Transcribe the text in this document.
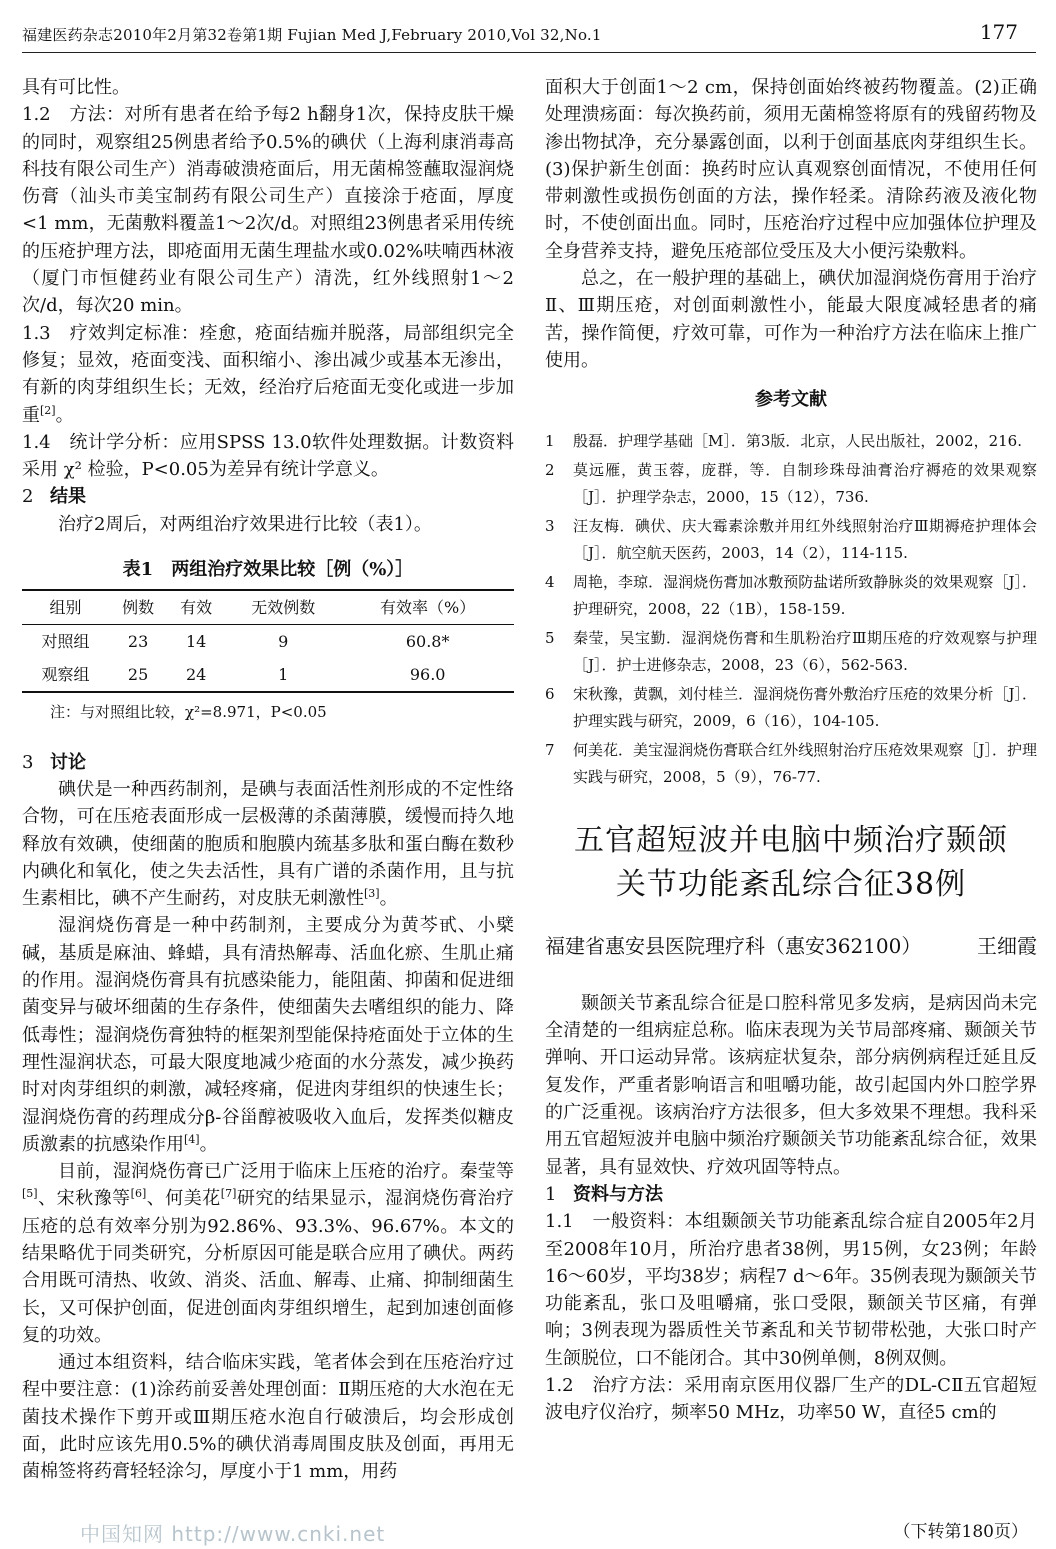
福建医药杂志2010年2月第32卷第1期 Fujian Med J,February 2010,Vol 32,No.1	177

具有可比性。

1.2　 方法：对所有患者在给予每2 h翻身1次，保持皮肤干燥的同时，观察组25例患者给予0.5%的碘伏（上海利康消毒高科技有限公司生产）消毒破溃疮面后，用无菌棉签蘸取湿润烧伤膏（汕头市美宝制药有限公司生产）直接涂于疮面，厚度<1 mm，无菌敷料覆盖1～2次/d。对照组23例患者采用传统的压疮护理方法，即疮面用无菌生理盐水或0.02%呋喃西林液（厦门市恒健药业有限公司生产）清洗，红外线照射1～2次/d，每次20 min。

1.3　 疗效判定标准：痊愈，疮面结痂并脱落，局部组织完全修复；显效，疮面变浅、面积缩小、渗出减少或基本无渗出，有新的肉芽组织生长；无效，经治疗后疮面无变化或进一步加重[2]。

1.4　 统计学分析：应用SPSS 13.0软件处理数据。计数资料采用 χ² 检验，P<0.05为差异有统计学意义。

2 结果

治疗2周后，对两组治疗效果进行比较（表1）。

表1　两组治疗效果比较［例（%）］
组别	例数	有效	无效例数	有效率（%）
对照组	23	14	9	60.8*
观察组	25	24	1	96.0
注：与对照组比较，χ²=8.971，P<0.05

3 讨论

碘伏是一种西药制剂，是碘与表面活性剂形成的不定性络合物，可在压疮表面形成一层极薄的杀菌薄膜，缓慢而持久地释放有效碘，使细菌的胞质和胞膜内巯基多肽和蛋白酶在数秒内碘化和氧化，使之失去活性，具有广谱的杀菌作用，且与抗生素相比，碘不产生耐药，对皮肤无刺激性[3]。

湿润烧伤膏是一种中药制剂，主要成分为黄芩甙、小檗碱，基质是麻油、蜂蜡，具有清热解毒、活血化瘀、生肌止痛的作用。湿润烧伤膏具有抗感染能力，能阻菌、抑菌和促进细菌变异与破坏细菌的生存条件，使细菌失去嗜组织的能力、降低毒性；湿润烧伤膏独特的框架剂型能保持疮面处于立体的生理性湿润状态，可最大限度地减少疮面的水分蒸发，减少换药时对肉芽组织的刺激，减轻疼痛，促进肉芽组织的快速生长；湿润烧伤膏的药理成分β-谷甾醇被吸收入血后，发挥类似糖皮质激素的抗感染作用[4]。

目前，湿润烧伤膏已广泛用于临床上压疮的治疗。秦莹等[5]、宋秋豫等[6]、何美花[7]研究的结果显示，湿润烧伤膏治疗压疮的总有效率分别为92.86%、93.3%、96.67%。本文的结果略优于同类研究，分析原因可能是联合应用了碘伏。两药合用既可清热、收敛、消炎、活血、解毒、止痛、抑制细菌生长，又可保护创面，促进创面肉芽组织增生，起到加速创面修复的功效。

通过本组资料，结合临床实践，笔者体会到在压疮治疗过程中要注意：(1)涂药前妥善处理创面：Ⅱ期压疮的大水泡在无菌技术操作下剪开或Ⅲ期压疮水泡自行破溃后，均会形成创面，此时应该先用0.5%的碘伏消毒周围皮肤及创面，再用无菌棉签将药膏轻轻涂匀，厚度小于1 mm，用药

面积大于创面1～2 cm，保持创面始终被药物覆盖。(2)正确处理溃疡面：每次换药前，须用无菌棉签将原有的残留药物及渗出物拭净，充分暴露创面，以利于创面基底肉芽组织生长。(3)保护新生创面：换药时应认真观察创面情况，不使用任何带刺激性或损伤创面的方法，操作轻柔。清除药液及液化物时，不使创面出血。同时，压疮治疗过程中应加强体位护理及全身营养支持，避免压疮部位受压及大小便污染敷料。

总之，在一般护理的基础上，碘伏加湿润烧伤膏用于治疗Ⅱ、Ⅲ期压疮，对创面刺激性小，能最大限度减轻患者的痛苦，操作简便，疗效可靠，可作为一种治疗方法在临床上推广使用。

参考文献
1 殷磊．护理学基础［M］．第3版．北京，人民出版社，2002，216.
2 莫远雁，黄玉蓉，庞群，等．自制珍珠母油膏治疗褥疮的效果观察［J］．护理学杂志，2000，15（12），736.
3 汪友梅．碘伏、庆大霉素涂敷并用红外线照射治疗Ⅲ期褥疮护理体会［J］．航空航天医药，2003，14（2），114-115.
4 周艳，李琼．湿润烧伤膏加冰敷预防盐诺所致静脉炎的效果观察［J］．护理研究，2008，22（1B），158-159.
5 秦莹，吴宝勤．湿润烧伤膏和生肌粉治疗Ⅲ期压疮的疗效观察与护理［J］．护士进修杂志，2008，23（6），562-563.
6 宋秋豫，黄飘，刘付桂兰．湿润烧伤膏外敷治疗压疮的效果分析［J］．护理实践与研究，2009，6（16），104-105.
7 何美花．美宝湿润烧伤膏联合红外线照射治疗压疮效果观察［J］．护理实践与研究，2008，5（9），76-77.
五官超短波并电脑中频治疗颞颌
关节功能紊乱综合征38例
福建省惠安县医院理疗科（惠安362100）	王细霞

颞颌关节紊乱综合征是口腔科常见多发病，是病因尚未完全清楚的一组病症总称。临床表现为关节局部疼痛、颞颌关节弹响、开口运动异常。该病症状复杂，部分病例病程迁延且反复发作，严重者影响语言和咀嚼功能，故引起国内外口腔学界的广泛重视。该病治疗方法很多，但大多效果不理想。我科采用五官超短波并电脑中频治疗颞颌关节功能紊乱综合征，效果显著，具有显效快、疗效巩固等特点。

1 资料与方法

1.1　 一般资料：本组颞颌关节功能紊乱综合症自2005年2月至2008年10月，所治疗患者38例，男15例，女23例；年龄16～60岁，平均38岁；病程7 d～6年。35例表现为颞颌关节功能紊乱，张口及咀嚼痛，张口受限，颞颌关节区痛，有弹响；3例表现为器质性关节紊乱和关节韧带松弛，大张口时产生颌脱位，口不能闭合。其中30例单侧，8例双侧。

1.2　 治疗方法：采用南京医用仪器厂生产的DL-CⅡ五官超短波电疗仪治疗，频率50 MHz，功率50 W，直径5 cm的

中国知网 http://www.cnki.net	（下转第180页）
